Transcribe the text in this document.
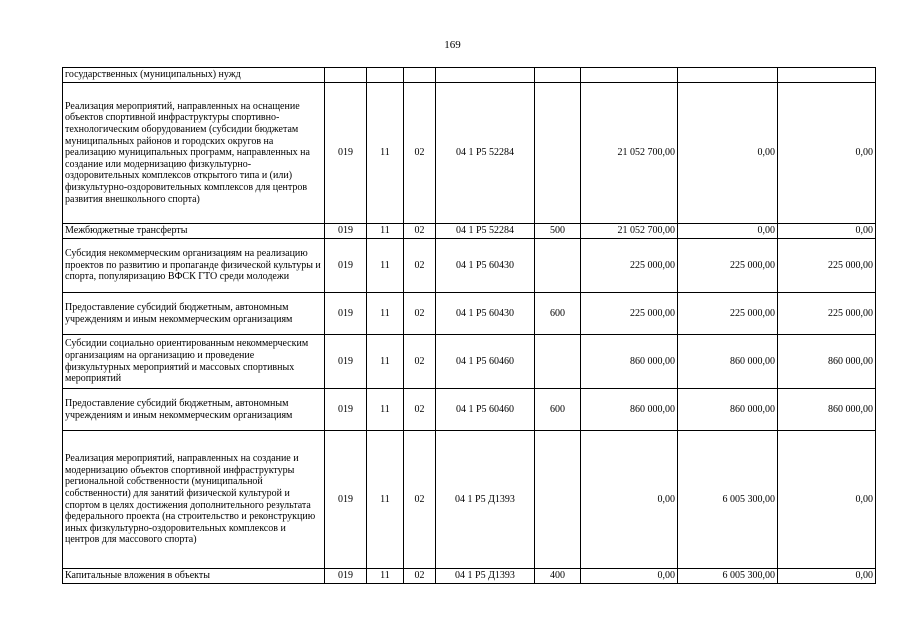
169
государственных (муниципальных) нужд								
Реализация мероприятий, направленных на оснащение объектов спортивной инфраструктуры спортивно-технологическим оборудованием (субсидии бюджетам муниципальных районов и городских округов на реализацию муниципальных программ, направленных на создание или модернизацию физкультурно-оздоровительных комплексов открытого типа и (или) физкультурно-оздоровительных комплексов для центров развития внешкольного спорта)	019	11	02	04 1 P5 52284		21 052 700,00	0,00	0,00
Межбюджетные трансферты	019	11	02	04 1 P5 52284	500	21 052 700,00	0,00	0,00
Субсидия некоммерческим организациям на реализацию проектов по развитию и пропаганде физической культуры и спорта, популяризацию ВФСК ГТО среди молодежи	019	11	02	04 1 P5 60430		225 000,00	225 000,00	225 000,00
Предоставление субсидий бюджетным, автономным учреждениям и иным некоммерческим организациям	019	11	02	04 1 P5 60430	600	225 000,00	225 000,00	225 000,00
Субсидии социально ориентированным некоммерческим организациям на организацию и проведение физкультурных мероприятий и массовых спортивных мероприятий	019	11	02	04 1 P5 60460		860 000,00	860 000,00	860 000,00
Предоставление субсидий бюджетным, автономным учреждениям и иным некоммерческим организациям	019	11	02	04 1 P5 60460	600	860 000,00	860 000,00	860 000,00
Реализация мероприятий, направленных на создание и модернизацию объектов спортивной инфраструктуры региональной собственности (муниципальной собственности) для занятий физической культурой и спортом в целях достижения дополнительного результата федерального проекта (на строительство и реконструкцию иных физкультурно-оздоровительных комплексов и центров для массового спорта)	019	11	02	04 1 P5 Д1393		0,00	6 005 300,00	0,00
Капитальные вложения в объекты	019	11	02	04 1 P5 Д1393	400	0,00	6 005 300,00	0,00
